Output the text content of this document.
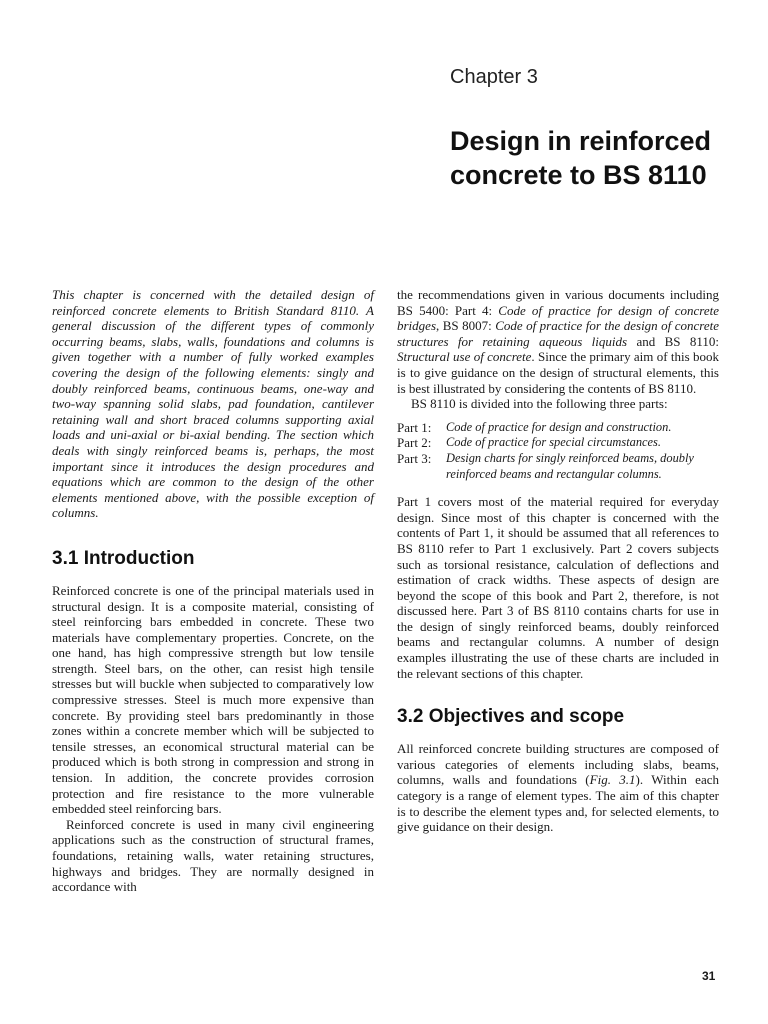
Chapter 3
Design in reinforced
concrete to BS 8110

This chapter is concerned with the detailed design of reinforced concrete elements to British Standard 8110. A general discussion of the different types of commonly occurring beams, slabs, walls, foundations and columns is given together with a number of fully worked examples covering the design of the following elements: singly and doubly reinforced beams, continuous beams, one-way and two-way spanning solid slabs, pad foundation, cantilever retaining wall and short braced columns supporting axial loads and uni-axial or bi-axial bending. The section which deals with singly reinforced beams is, perhaps, the most important since it introduces the design procedures and equations which are common to the design of the other elements mentioned above, with the possible exception of columns.

3.1 Introduction

Reinforced concrete is one of the principal materials used in structural design. It is a composite material, consisting of steel reinforcing bars embedded in concrete. These two materials have complementary properties. Concrete, on the one hand, has high compressive strength but low tensile strength. Steel bars, on the other, can resist high tensile stresses but will buckle when subjected to comparatively low compressive stresses. Steel is much more expensive than concrete. By providing steel bars predominantly in those zones within a concrete member which will be subjected to tensile stresses, an economical structural material can be produced which is both strong in compression and strong in tension. In addition, the concrete provides corrosion protection and fire resistance to the more vulnerable embedded steel reinforcing bars.

Reinforced concrete is used in many civil engineering applications such as the construction of structural frames, foundations, retaining walls, water retaining structures, highways and bridges. They are normally designed in accordance with

the recommendations given in various documents including BS 5400: Part 4: Code of practice for design of concrete bridges, BS 8007: Code of practice for the design of concrete structures for retaining aqueous liquids and BS 8110: Structural use of concrete. Since the primary aim of this book is to give guidance on the design of structural elements, this is best illustrated by considering the contents of BS 8110.

BS 8110 is divided into the following three parts:

Part 1:	Code of practice for design and construction.
Part 2:	Code of practice for special circumstances.
Part 3:	Design charts for singly reinforced beams, doubly reinforced beams and rectangular columns.

Part 1 covers most of the material required for everyday design. Since most of this chapter is concerned with the contents of Part 1, it should be assumed that all references to BS 8110 refer to Part 1 exclusively. Part 2 covers subjects such as torsional resistance, calculation of deflections and estimation of crack widths. These aspects of design are beyond the scope of this book and Part 2, therefore, is not discussed here. Part 3 of BS 8110 contains charts for use in the design of singly reinforced beams, doubly reinforced beams and rectangular columns. A number of design examples illustrating the use of these charts are included in the relevant sections of this chapter.

3.2 Objectives and scope

All reinforced concrete building structures are composed of various categories of elements including slabs, beams, columns, walls and foundations (Fig. 3.1). Within each category is a range of element types. The aim of this chapter is to describe the element types and, for selected elements, to give guidance on their design.

31
